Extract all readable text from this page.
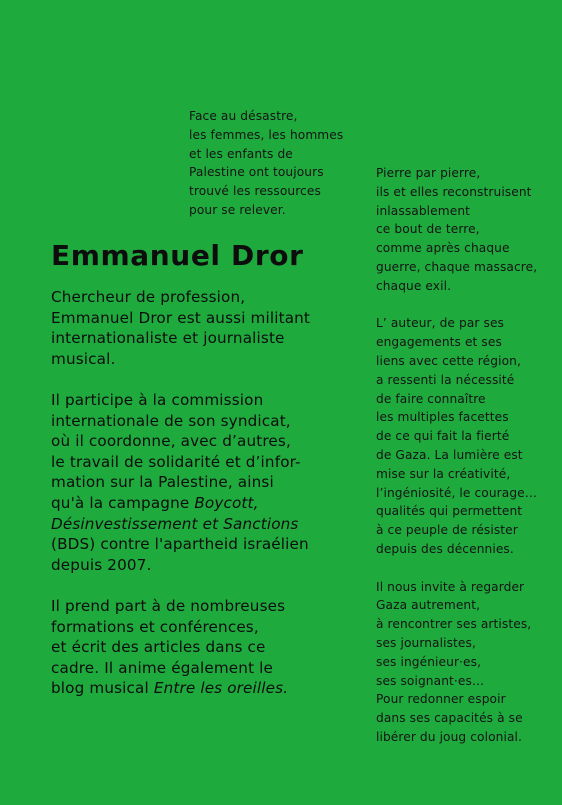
Face au désastre,
les femmes, les hommes
et les enfants de
Palestine ont toujours
trouvé les ressources
pour se relever.
Emmanuel Dror

Chercheur de profession,
Emmanuel Dror est aussi militant
internationaliste et journaliste
musical.

Il participe à la commission
internationale de son syndicat,
où il coordonne, avec d’autres,
le travail de solidarité et d’infor-
mation sur la Palestine, ainsi
qu'à la campagne Boycott,
Désinvestissement et Sanctions
(BDS) contre l'apartheid israélien
depuis 2007.

Il prend part à de nombreuses
formations et conférences,
et écrit des articles dans ce
cadre. Il anime également le
blog musical Entre les oreilles.

Pierre par pierre,
ils et elles reconstruisent
inlassablement
ce bout de terre,
comme après chaque
guerre, chaque massacre,
chaque exil.

L’ auteur, de par ses
engagements et ses
liens avec cette région,
a ressenti la nécessité
de faire connaître
les multiples facettes
de ce qui fait la fierté
de Gaza. La lumière est
mise sur la créativité,
l’ingéniosité, le courage…
qualités qui permettent
à ce peuple de résister
depuis des décennies.

Il nous invite à regarder
Gaza autrement,
à rencontrer ses artistes,
ses journalistes,
ses ingénieur·es,
ses soignant·es…
Pour redonner espoir
dans ses capacités à se
libérer du joug colonial.
